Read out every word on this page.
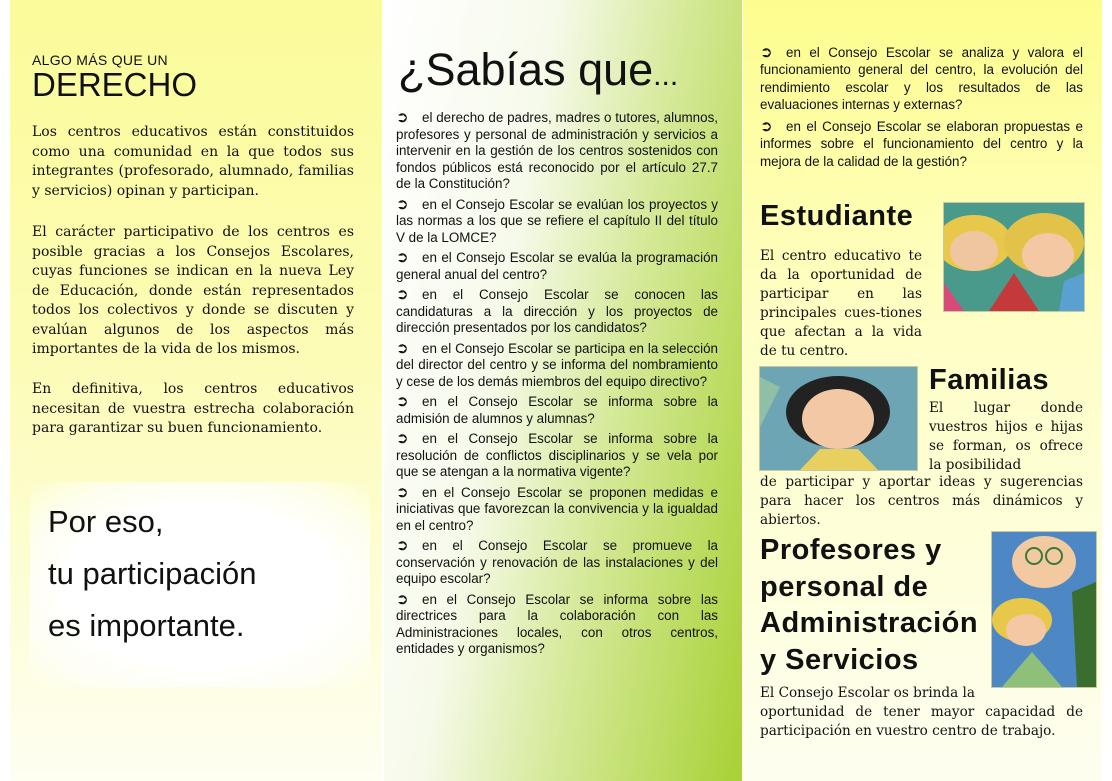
ALGO MÁS QUE UN
DERECHO
Los centros educativos están constituidos como una comunidad en la que todos sus integrantes (profesorado, alumnado, familias y servicios) opinan y participan.
El carácter participativo de los centros es posible gracias a los Consejos Escolares, cuyas funciones se indican en la nueva Ley de Educación, donde están representados todos los colectivos y donde se discuten y evalúan algunos de los aspectos más importantes de la vida de los mismos.
En definitiva, los centros educativos necesitan de vuestra estrecha colaboración para garantizar su buen funcionamiento.
Por eso,
tu participación
es importante.
¿Sabías que...
➲ el derecho de padres, madres o tutores, alumnos, profesores y personal de administración y servicios a intervenir en la gestión de los centros sostenidos con fondos públicos está reconocido por el artículo 27.7 de la Constitución?
➲ en el Consejo Escolar se evalúan los proyectos y las normas a los que se refiere el capítulo II del título V de la LOMCE?
➲ en el Consejo Escolar se evalúa la programación general anual del centro?
➲ en el Consejo Escolar se conocen las candidaturas a la dirección y los proyectos de dirección presentados por los candidatos?
➲ en el Consejo Escolar se participa en la selección del director del centro y se informa del nombramiento y cese de los demás miembros del equipo directivo?
➲ en el Consejo Escolar se informa sobre la admisión de alumnos y alumnas?
➲ en el Consejo Escolar se informa sobre la resolución de conflictos disciplinarios y se vela por que se atengan a la normativa vigente?
➲ en el Consejo Escolar se proponen medidas e iniciativas que favorezcan la convivencia y la igualdad en el centro?
➲ en el Consejo Escolar se promueve la conservación y renovación de las instalaciones y del equipo escolar?
➲ en el Consejo Escolar se informa sobre las directrices para la colaboración con las Administraciones locales, con otros centros, entidades y organismos?
➲ en el Consejo Escolar se analiza y valora el funcionamiento general del centro, la evolución del rendimiento escolar y los resultados de las evaluaciones internas y externas?
➲ en el Consejo Escolar se elaboran propuestas e informes sobre el funcionamiento del centro y la mejora de la calidad de la gestión?
Estudiante
El centro educativo te da la oportunidad de participar en las principales cues-tiones que afectan a la vida de tu centro.
Familias
El lugar donde vuestros hijos e hijas se forman, os ofrece la posibilidad
de participar y aportar ideas y sugerencias para hacer los centros más dinámicos y abiertos.
Profesores y
personal de
Administración
y Servicios
El Consejo Escolar os brinda la
oportunidad de tener mayor capacidad de participación en vuestro centro de trabajo.
